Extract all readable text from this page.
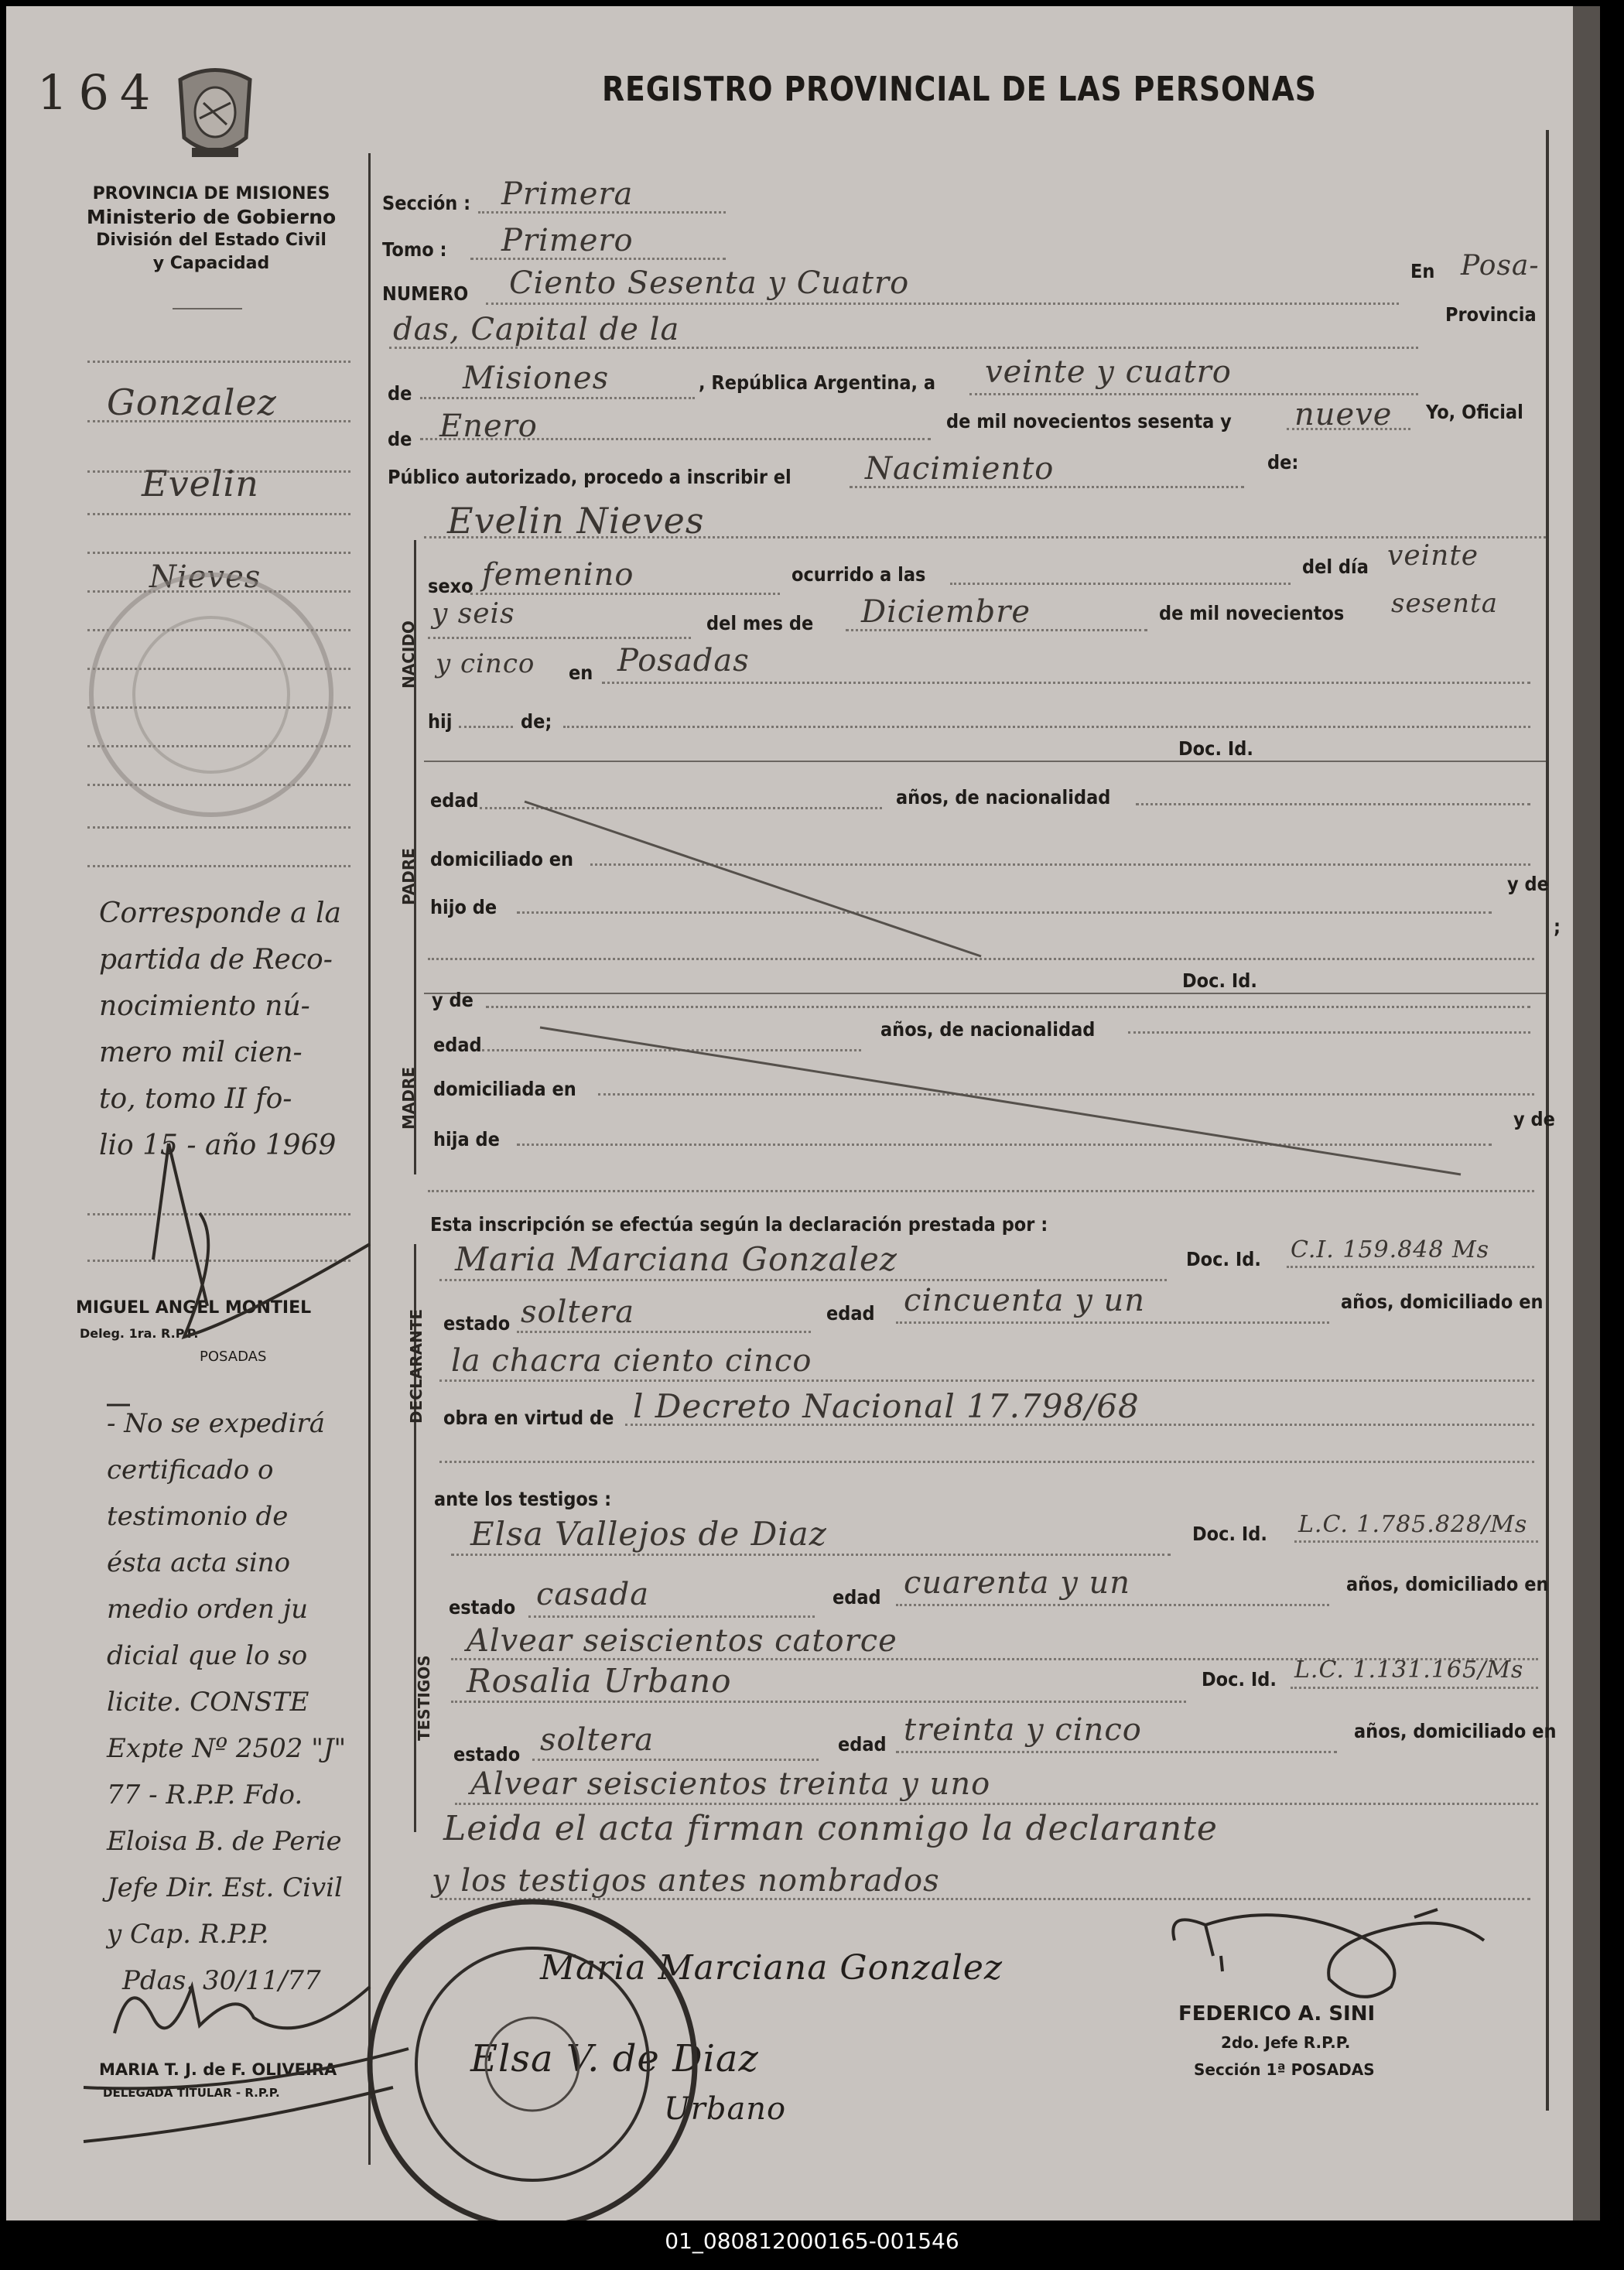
164	REGISTRO PROVINCIAL DE LAS PERSONAS
PROVINCIA DE MISIONES
Ministerio de Gobierno
División del Estado Civil
y Capacidad
Gonzalez
Evelin
Nieves
Corresponde a la
partida de Reco-
nocimiento nú-
mero mil cien-
to, tomo II fo-
lio 15 - año 1969
MIGUEL ANGEL MONTIEL
Deleg. 1ra. R.P.P.
POSADAS
- No se expedirá
certificado o
testimonio de
ésta acta sino
medio orden ju
dicial que lo so
licite. CONSTE
Expte Nº 2502 "J"
77 - R.P.P. Fdo.
Eloisa B. de Perie
Jefe Dir. Est. Civil
y Cap. R.P.P.
Pdas. 30/11/77
MARIA T. J. de F. OLIVEIRA
DELEGADA TITULAR - R.P.P.
Sección : Primera
Tomo : Primero
NUMERO Ciento Sesenta y Cuatro	En Posa-
das, Capital de la	Provincia
de Misiones	, República Argentina, a veinte y cuatro
de Enero	de mil novecientos sesenta y nueve Yo, Oficial
Público autorizado, procedo a inscribir el Nacimiento	de:
Evelin Nieves
NACIDO
sexo femenino	ocurrido a las	del día veinte
y seis	del mes de Diciembre	de mil novecientos sesenta
y cinco en Posadas
hij	de;
Doc. Id.
PADRE
edad	años, de nacionalidad
domiciliado en
hijo de
y de
;
Doc. Id.
MADRE
y de
edad
años, de nacionalidad
domiciliada en
hija de
y de
Esta inscripción se efectúa según la declaración prestada por :
DECLARANTE
Maria Marciana Gonzalez	Doc. Id. C.I. 159.848 Ms
estado soltera	edad cincuenta y un	años, domiciliado en
la chacra ciento cinco
obra en virtud de l Decreto Nacional 17.798/68
ante los testigos :
TESTIGOS
Elsa Vallejos de Diaz	Doc. Id. L.C. 1.785.828/Ms
estado casada	edad cuarenta y un	años, domiciliado en
Alvear seiscientos catorce
Rosalia Urbano	Doc. Id. L.C. 1.131.165/Ms
estado soltera	edad treinta y cinco	años, domiciliado en
Alvear seiscientos treinta y uno
Leida el acta firman conmigo la declarante
y los testigos antes nombrados
Maria Marciana Gonzalez
Elsa V. de Diaz
Urbano
FEDERICO A. SINI
2do. Jefe R.P.P.
Sección 1ª POSADAS
01_080812000165-001546
